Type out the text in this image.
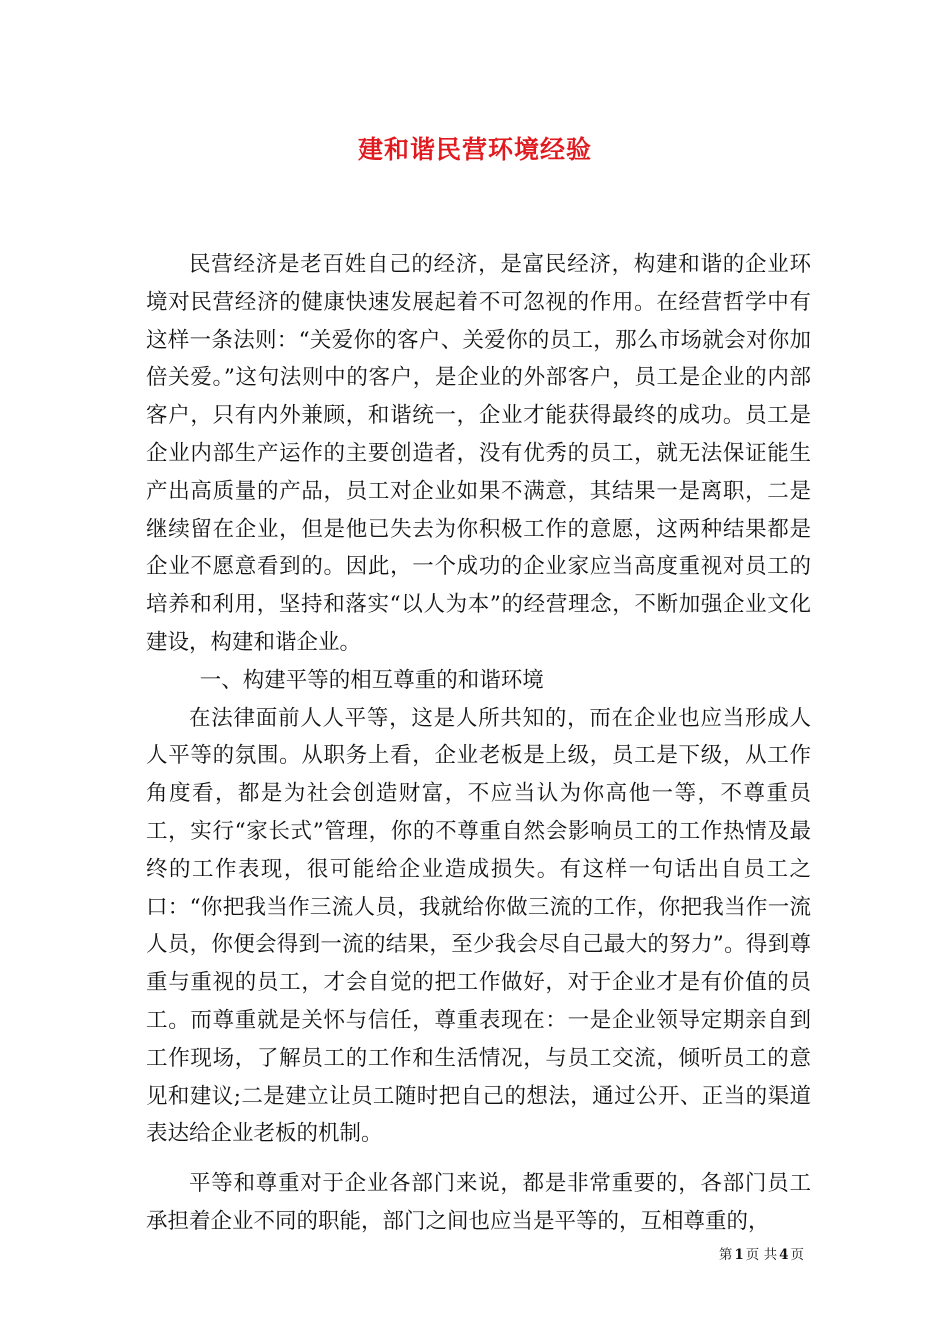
建和谐民营环境经验

民营经济是老百姓自己的经济，是富民经济，构建和谐的企业环境对民营经济的健康快速发展起着不可忽视的作用。在经营哲学中有这样一条法则：“关爱你的客户、关爱你的员工，那么市场就会对你加倍关爱。”这句法则中的客户，是企业的外部客户，员工是企业的内部客户，只有内外兼顾，和谐统一，企业才能获得最终的成功。员工是企业内部生产运作的主要创造者，没有优秀的员工，就无法保证能生产出高质量的产品，员工对企业如果不满意，其结果一是离职，二是继续留在企业，但是他已失去为你积极工作的意愿，这两种结果都是企业不愿意看到的。因此，一个成功的企业家应当高度重视对员工的培养和利用，坚持和落实“以人为本”的经营理念，不断加强企业文化建设，构建和谐企业。

一、构建平等的相互尊重的和谐环境

在法律面前人人平等，这是人所共知的，而在企业也应当形成人人平等的氛围。从职务上看，企业老板是上级，员工是下级，从工作角度看，都是为社会创造财富，不应当认为你高他一等，不尊重员工，实行“家长式”管理，你的不尊重自然会影响员工的工作热情及最终的工作表现，很可能给企业造成损失。有这样一句话出自员工之口：“你把我当作三流人员，我就给你做三流的工作，你把我当作一流人员，你便会得到一流的结果，至少我会尽自己最大的努力”。得到尊重与重视的员工，才会自觉的把工作做好，对于企业才是有价值的员工。而尊重就是关怀与信任，尊重表现在：一是企业领导定期亲自到工作现场，了解员工的工作和生活情况，与员工交流，倾听员工的意见和建议;二是建立让员工随时把自己的想法，通过公开、正当的渠道表达给企业老板的机制。

平等和尊重对于企业各部门来说，都是非常重要的，各部门员工承担着企业不同的职能，部门之间也应当是平等的，互相尊重的，

第 1 页 共 4 页
